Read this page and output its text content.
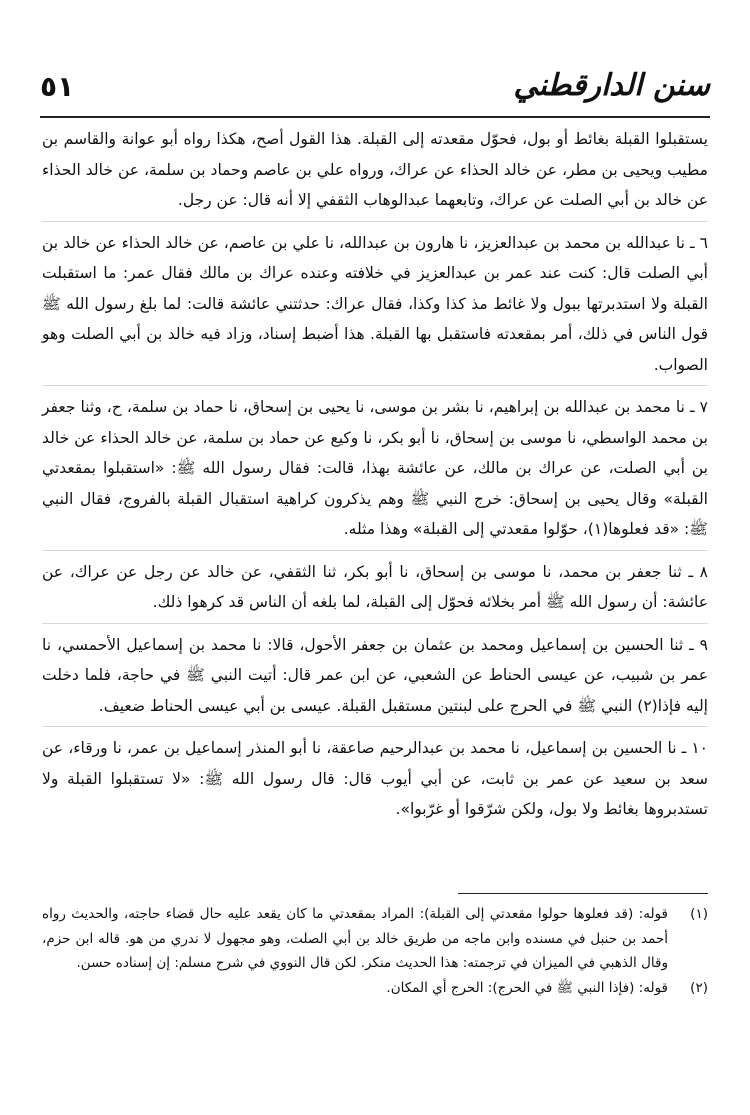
٥١	سنن الدارقطني

يستقبلوا القبلة بغائط أو بول، فحوّل مقعدته إلى القبلة. هذا القول أصح، هكذا رواه أبو عوانة والقاسم بن مطيب ويحيى بن مطر، عن خالد الحذاء عن عراك، ورواه علي بن عاصم وحماد بن سلمة، عن خالد الحذاء عن خالد بن أبي الصلت عن عراك، وتابعهما عبدالوهاب الثقفي إلا أنه قال: عن رجل.

٦ ـ نا عبدالله بن محمد بن عبدالعزيز، نا هارون بن عبدالله، نا علي بن عاصم، عن خالد الحذاء عن خالد بن أبي الصلت قال: كنت عند عمر بن عبدالعزيز في خلافته وعنده عراك بن مالك فقال عمر: ما استقبلت القبلة ولا استدبرتها ببول ولا غائط مذ كذا وكذا، فقال عراك: حدثتني عائشة قالت: لما بلغ رسول الله ﷺ قول الناس في ذلك، أمر بمقعدته فاستقبل بها القبلة. هذا أضبط إسناد، وزاد فيه خالد بن أبي الصلت وهو الصواب.

٧ ـ نا محمد بن عبدالله بن إبراهيم، نا بشر بن موسى، نا يحيى بن إسحاق، نا حماد بن سلمة، ح، وثنا جعفر بن محمد الواسطي، نا موسى بن إسحاق، نا أبو بكر، نا وكيع عن حماد بن سلمة، عن خالد الحذاء عن خالد بن أبي الصلت، عن عراك بن مالك، عن عائشة بهذا، قالت: فقال رسول الله ﷺ: «استقبلوا بمقعدتي القبلة» وقال يحيى بن إسحاق: خرج النبي ﷺ وهم يذكرون كراهية استقبال القبلة بالفروج، فقال النبي ﷺ: «قد فعلوها(١)، حوّلوا مقعدتي إلى القبلة» وهذا مثله.

٨ ـ ثنا جعفر بن محمد، نا موسى بن إسحاق، نا أبو بكر، ثنا الثقفي، عن خالد عن رجل عن عراك، عن عائشة: أن رسول الله ﷺ أمر بخلائه فحوّل إلى القبلة، لما بلغه أن الناس قد كرهوا ذلك.

٩ ـ ثنا الحسين بن إسماعيل ومحمد بن عثمان بن جعفر الأحول، قالا: نا محمد بن إسماعيل الأحمسي، نا عمر بن شبيب، عن عيسى الحناط عن الشعبي، عن ابن عمر قال: أتيت النبي ﷺ في حاجة، فلما دخلت إليه فإذا(٢) النبي ﷺ في الحرج على لبنتين مستقبل القبلة. عيسى بن أبي عيسى الحناط ضعيف.

١٠ ـ نا الحسين بن إسماعيل، نا محمد بن عبدالرحيم صاعقة، نا أبو المنذر إسماعيل بن عمر، نا ورقاء، عن سعد بن سعيد عن عمر بن ثابت، عن أبي أيوب قال: قال رسول الله ﷺ: «لا تستقبلوا القبلة ولا تستدبروها بغائط ولا بول، ولكن شرّقوا أو غرّبوا».

(١)
قوله: (قد فعلوها حولوا مقعدتي إلى القبلة): المراد بمقعدتي ما كان يقعد عليه حال قضاء حاجته، والحديث رواه أحمد بن حنبل في مسنده وابن ماجه من طريق خالد بن أبي الصلت، وهو مجهول لا ندري من هو. قاله ابن حزم، وقال الذهبي في الميزان في ترجمته: هذا الحديث منكر. لكن قال النووي في شرح مسلم: إن إسناده حسن.
(٢)
قوله: (فإذا النبي ﷺ في الحرج): الحرج أي المكان.
